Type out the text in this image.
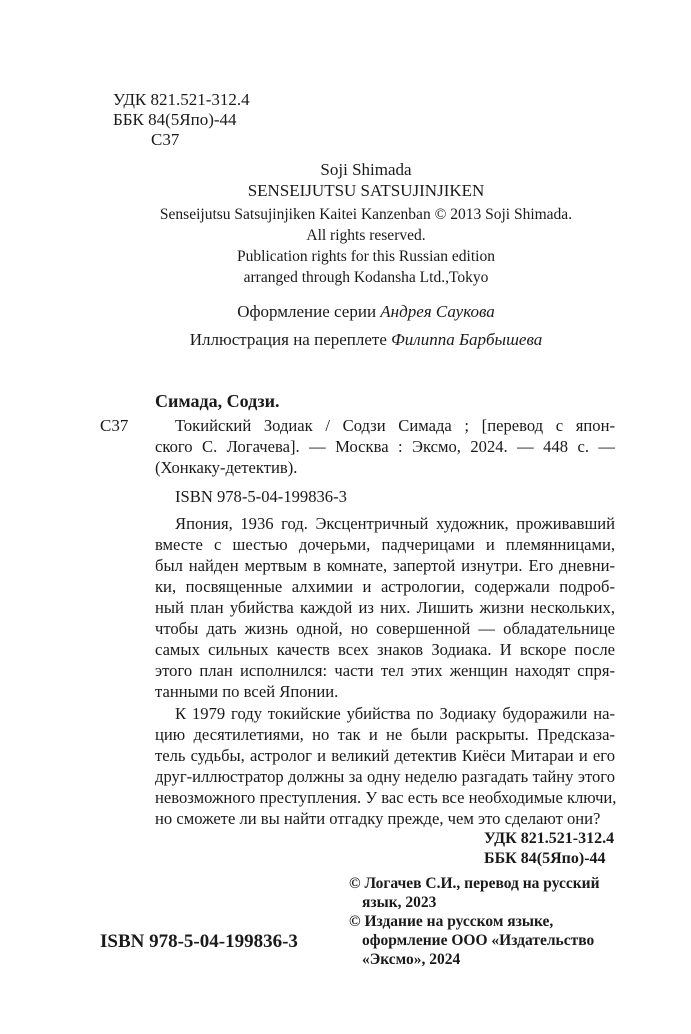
УДК 821.521-312.4
ББК 84(5Япо)-44
С37
Soji Shimada
SENSEIJUTSU SATSUJINJIKEN
Senseijutsu Satsujinjiken Kaitei Kanzenban © 2013 Soji Shimada.
All rights reserved.
Publication rights for this Russian edition
arranged through Kodansha Ltd.,Tokyo
Оформление серии Андрея Саукова
Иллюстрация на переплете Филиппа Барбышева
Симада, Содзи.
С37	Токийский Зодиак / Содзи Симада ; [перевод с япон-
ского С. Логачева]. — Москва : Эксмо, 2024. — 448 с. —
(Хонкаку-детектив).
ISBN 978-5-04-199836-3
Япония, 1936 год. Эксцентричный художник, проживавший
вместе с шестью дочерьми, падчерицами и племянницами,
был найден мертвым в комнате, запертой изнутри. Его дневни-
ки, посвященные алхимии и астрологии, содержали подроб-
ный план убийства каждой из них. Лишить жизни нескольких,
чтобы дать жизнь одной, но совершенной — обладательнице
самых сильных качеств всех знаков Зодиака. И вскоре после
этого план исполнился: части тел этих женщин находят спря-
танными по всей Японии.
К 1979 году токийские убийства по Зодиаку будоражили на-
цию десятилетиями, но так и не были раскрыты. Предсказа-
тель судьбы, астролог и великий детектив Киёси Митараи и его
друг-иллюстратор должны за одну неделю разгадать тайну этого
невозможного преступления. У вас есть все необходимые ключи,
но сможете ли вы найти отгадку прежде, чем это сделают они?
УДК 821.521-312.4
ББК 84(5Япо)-44
© Логачев С.И., перевод на русский
язык, 2023
© Издание на русском языке,
оформление ООО «Издательство
«Эксмо», 2024
ISBN 978-5-04-199836-3
